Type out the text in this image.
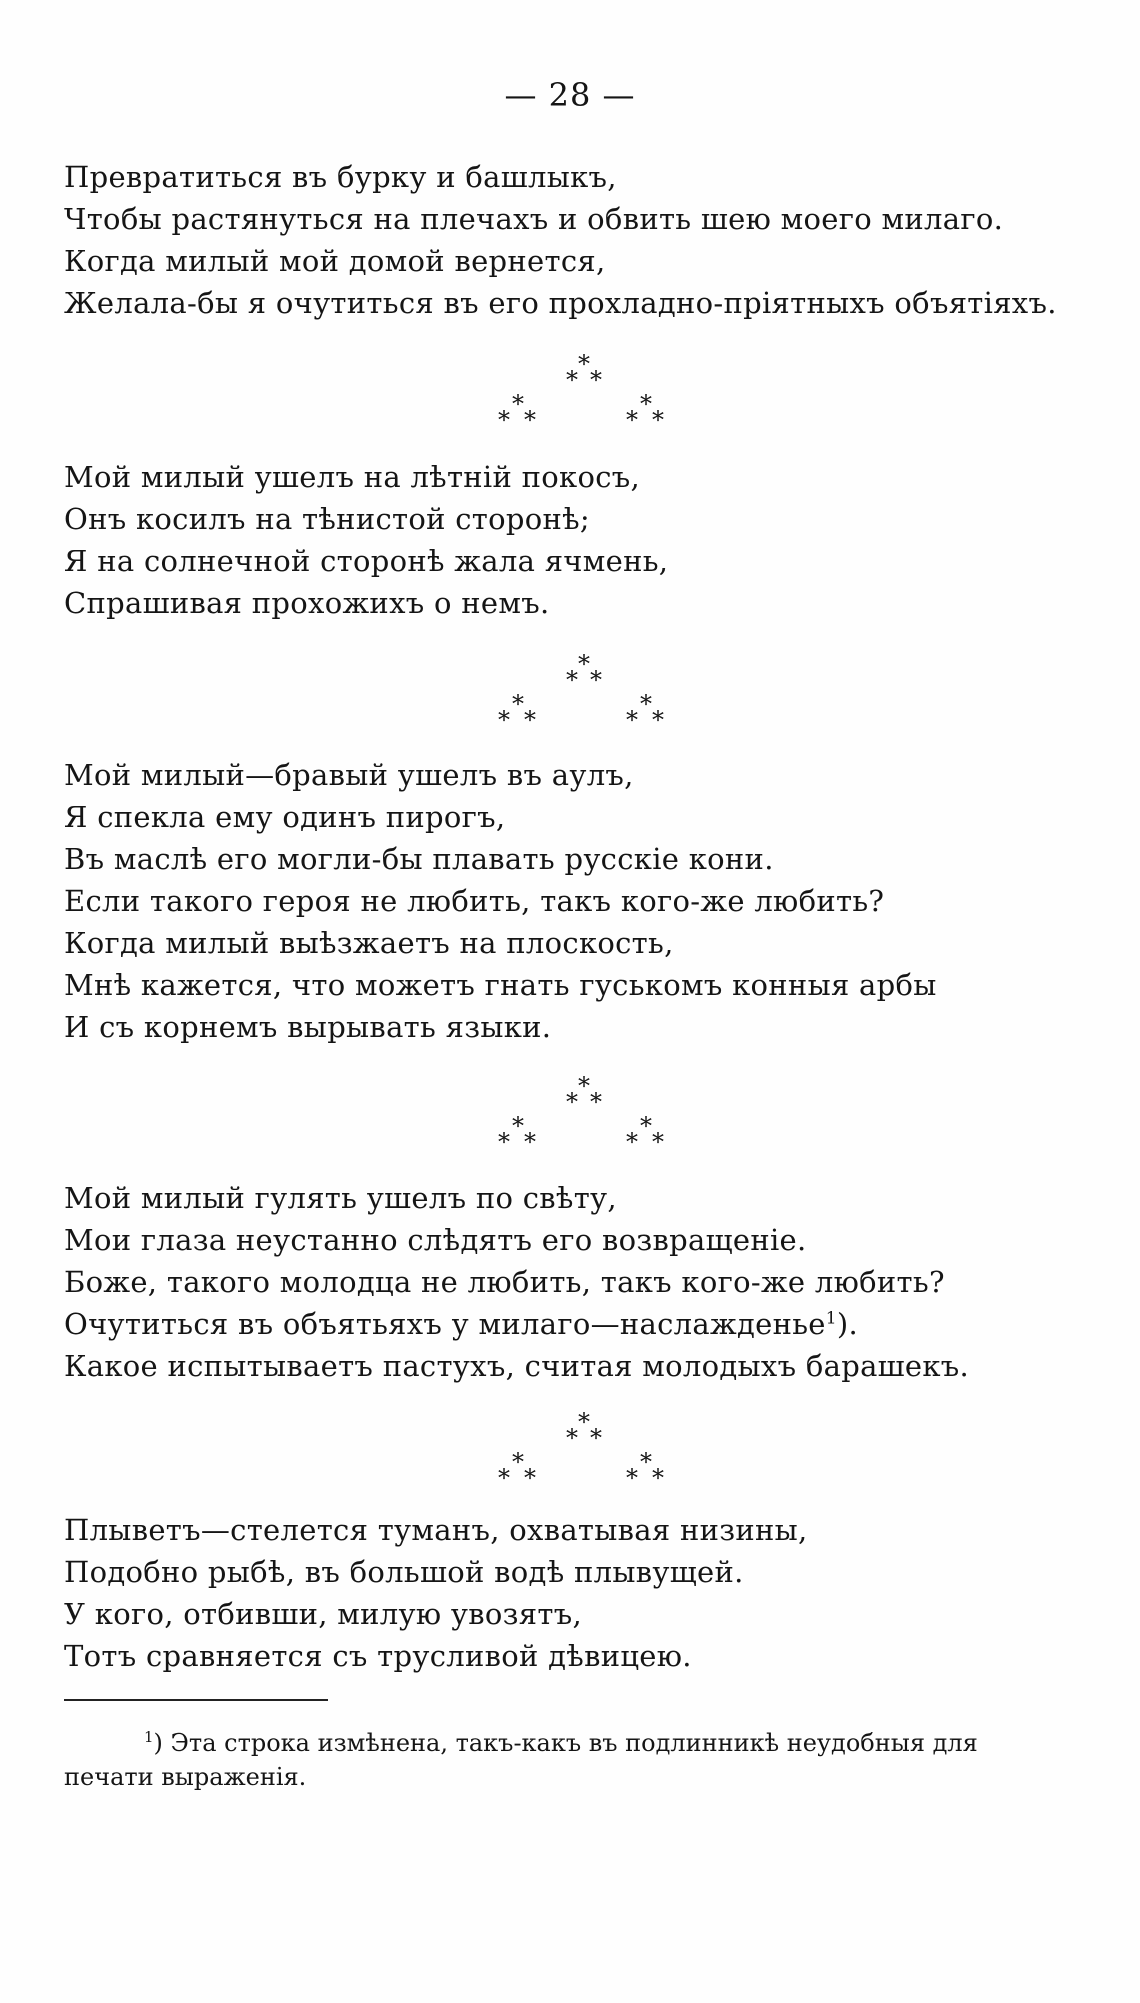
— 28 —
Превратиться въ бурку и башлыкъ,
Чтобы растянуться на плечахъ и обвить шею моего милаго.
Когда милый мой домой вернется,
Желала-бы я очутиться въ его прохладно-пріятныхъ объятіяхъ.
*
* *
*
* *
*
* *
Мой милый ушелъ на лѣтній покосъ,
Онъ косилъ на тѣнистой сторонѣ;
Я на солнечной сторонѣ жала ячмень,
Спрашивая прохожихъ о немъ.
*
* *
*
* *
*
* *
Мой милый—бравый ушелъ въ аулъ,
Я спекла ему одинъ пирогъ,
Въ маслѣ его могли-бы плавать русскіе кони.
Если такого героя не любить, такъ кого-же любить?
Когда милый выѣзжаетъ на плоскость,
Мнѣ кажется, что можетъ гнать гуськомъ конныя арбы
И съ корнемъ вырывать языки.
*
* *
*
* *
*
* *
Мой милый гулять ушелъ по свѣту,
Мои глаза неустанно слѣдятъ его возвращеніе.
Боже, такого молодца не любить, такъ кого-же любить?
Очутиться въ объятьяхъ у милаго—наслажденье$^1$).
Какое испытываетъ пастухъ, считая молодыхъ барашекъ.
*
* *
*
* *
*
* *
Плыветъ—стелется туманъ, охватывая низины,
Подобно рыбѣ, въ большой водѣ плывущей.
У кого, отбивши, милую увозятъ,
Тотъ сравняется съ трусливой дѣвицею.
$^1$) Эта строка измѣнена, такъ-какъ въ подлинникѣ неудобныя для
печати выраженія.
